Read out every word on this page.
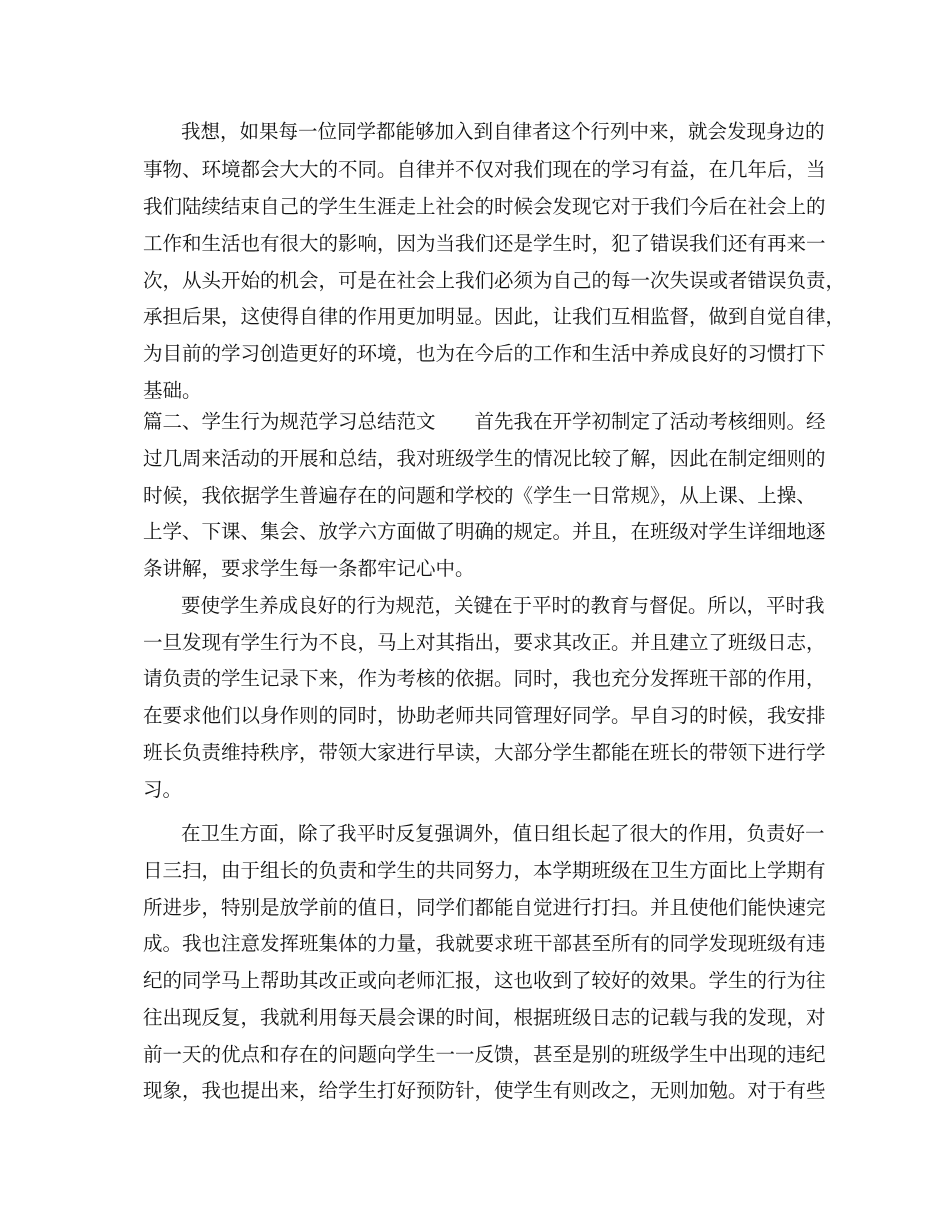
我想，如果每一位同学都能够加入到自律者这个行列中来，就会发现身边的
事物、环境都会大大的不同。自律并不仅对我们现在的学习有益，在几年后，当
我们陆续结束自己的学生生涯走上社会的时候会发现它对于我们今后在社会上的
工作和生活也有很大的影响，因为当我们还是学生时，犯了错误我们还有再来一
次，从头开始的机会，可是在社会上我们必须为自己的每一次失误或者错误负责，
承担后果，这使得自律的作用更加明显。因此，让我们互相监督，做到自觉自律，
为目前的学习创造更好的环境，也为在今后的工作和生活中养成良好的习惯打下
基础。
篇二、学生行为规范学习总结范文　　首先我在开学初制定了活动考核细则。经
过几周来活动的开展和总结，我对班级学生的情况比较了解，因此在制定细则的
时候，我依据学生普遍存在的问题和学校的《学生一日常规》，从上课、上操、
上学、下课、集会、放学六方面做了明确的规定。并且，在班级对学生详细地逐
条讲解，要求学生每一条都牢记心中。
要使学生养成良好的行为规范，关键在于平时的教育与督促。所以，平时我
一旦发现有学生行为不良，马上对其指出，要求其改正。并且建立了班级日志，
请负责的学生记录下来，作为考核的依据。同时，我也充分发挥班干部的作用，
在要求他们以身作则的同时，协助老师共同管理好同学。早自习的时候，我安排
班长负责维持秩序，带领大家进行早读，大部分学生都能在班长的带领下进行学
习。
在卫生方面，除了我平时反复强调外，值日组长起了很大的作用，负责好一
日三扫，由于组长的负责和学生的共同努力，本学期班级在卫生方面比上学期有
所进步，特别是放学前的值日，同学们都能自觉进行打扫。并且使他们能快速完
成。我也注意发挥班集体的力量，我就要求班干部甚至所有的同学发现班级有违
纪的同学马上帮助其改正或向老师汇报，这也收到了较好的效果。学生的行为往
往出现反复，我就利用每天晨会课的时间，根据班级日志的记载与我的发现，对
前一天的优点和存在的问题向学生一一反馈，甚至是别的班级学生中出现的违纪
现象，我也提出来，给学生打好预防针，使学生有则改之，无则加勉。对于有些
